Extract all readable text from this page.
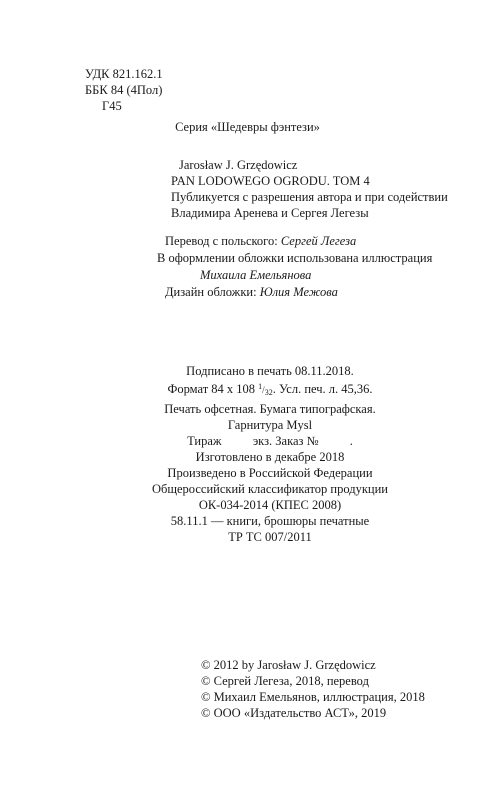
УДК 821.162.1
ББК 84 (4Пол)
Г45
Серия «Шедевры фэнтези»
Jarosław J. Grzędowicz
PAN LODOWEGO OGRODU. TOM 4
Публикуется с разрешения автора и при содействии
Владимира Аренева и Сергея Легезы
Перевод с польского: Сергей Легеза
В оформлении обложки использована иллюстрация
Михаила Емельянова
Дизайн обложки: Юлия Межова
Подписано в печать 08.11.2018.
Формат 84 х 108 $^1/_{32}$. Усл. печ. л. 45,36.
Печать офсетная. Бумага типографская.
Гарнитура Mysl
Тираж	экз. Заказ №	.
Изготовлено в декабре 2018
Произведено в Российской Федерации
Общероссийский классификатор продукции
ОК-034-2014 (КПЕС 2008)
58.11.1 — книги, брошюры печатные
ТР ТС 007/2011
© 2012 by Jarosław J. Grzędowicz
© Сергей Легеза, 2018, перевод
© Михаил Емельянов, иллюстрация, 2018
© ООО «Издательство АСТ», 2019
